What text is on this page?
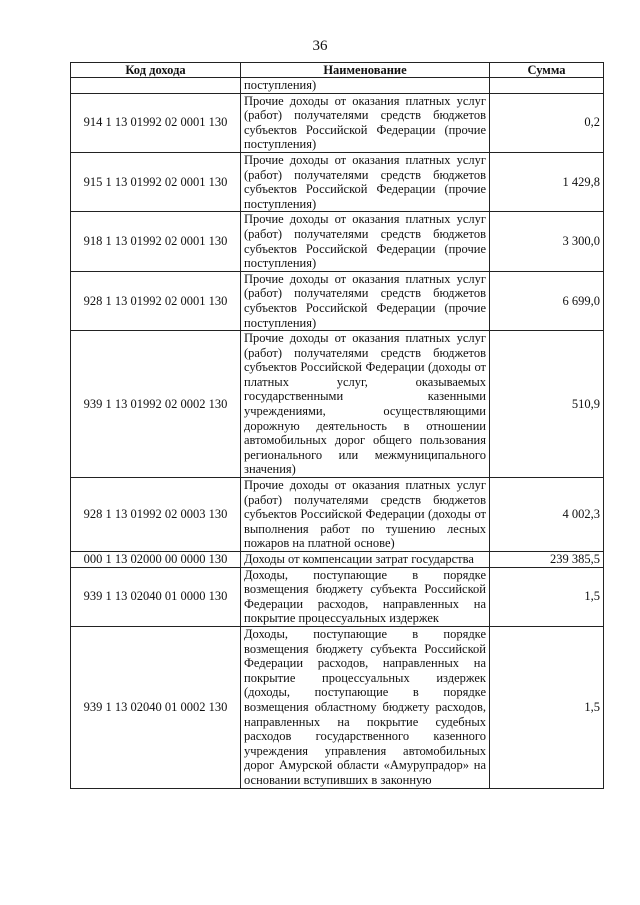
36
Код дохода	Наименование	Сумма
	поступления)	
914 1 13 01992 02 0001 130	Прочие доходы от оказания платных услуг (работ) получателями средств бюджетов субъектов Российской Федерации (прочие поступления)	0,2
915 1 13 01992 02 0001 130	Прочие доходы от оказания платных услуг (работ) получателями средств бюджетов субъектов Российской Федерации (прочие поступления)	1 429,8
918 1 13 01992 02 0001 130	Прочие доходы от оказания платных услуг (работ) получателями средств бюджетов субъектов Российской Федерации (прочие поступления)	3 300,0
928 1 13 01992 02 0001 130	Прочие доходы от оказания платных услуг (работ) получателями средств бюджетов субъектов Российской Федерации (прочие поступления)	6 699,0
939 1 13 01992 02 0002 130	Прочие доходы от оказания платных услуг (работ) получателями средств бюджетов субъектов Российской Федерации (доходы от платных услуг, оказываемых государственными казенными учреждениями, осуществляющими дорожную деятельность в отношении автомобильных дорог общего пользования регионального или межмуниципального значения)	510,9
928 1 13 01992 02 0003 130	Прочие доходы от оказания платных услуг (работ) получателями средств бюджетов субъектов Российской Федерации (доходы от выполнения работ по тушению лесных пожаров на платной основе)	4 002,3
000 1 13 02000 00 0000 130	Доходы от компенсации затрат государства	239 385,5
939 1 13 02040 01 0000 130	Доходы, поступающие в порядке возмещения бюджету субъекта Российской Федерации расходов, направленных на покрытие процессуальных издержек	1,5
939 1 13 02040 01 0002 130	Доходы, поступающие в порядке возмещения бюджету субъекта Российской Федерации расходов, направленных на покрытие процессуальных издержек (доходы, поступающие в порядке возмещения областному бюджету расходов, направленных на покрытие судебных расходов государственного казенного учреждения управления автомобильных дорог Амурской области «Амурупрадор» на основании вступивших в законную	1,5
